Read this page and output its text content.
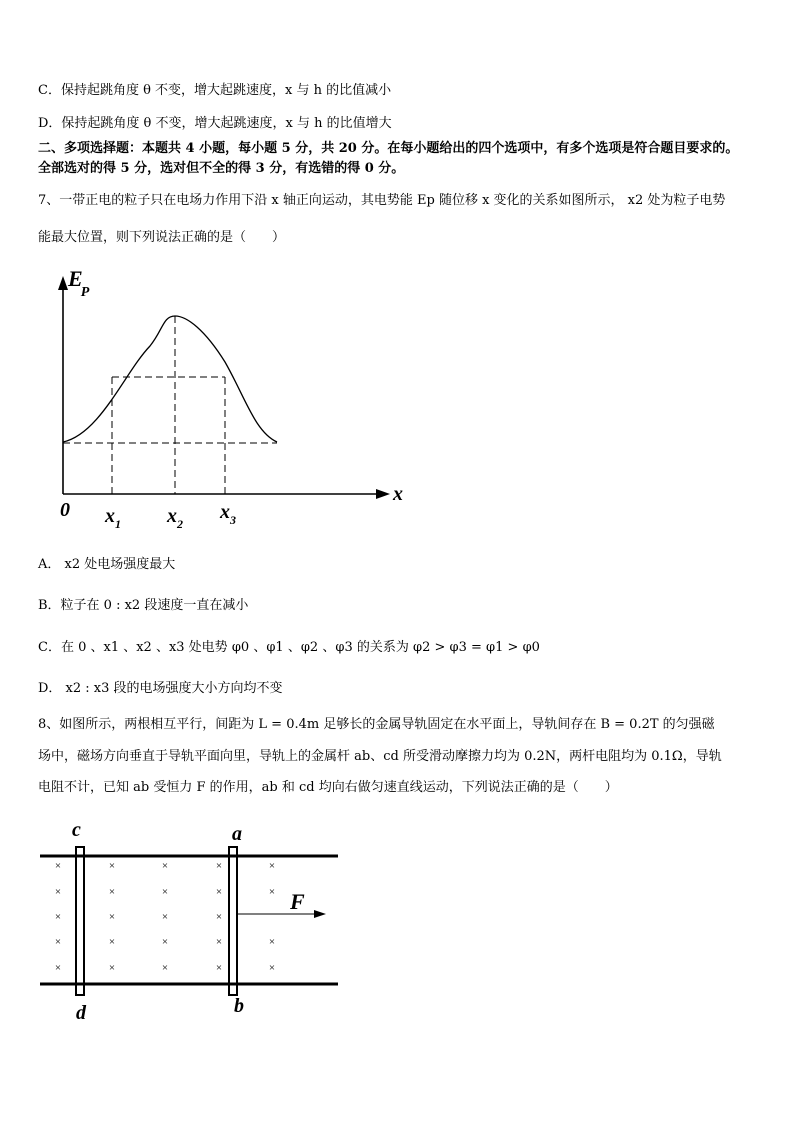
C．保持起跳角度 θ 不变，增大起跳速度，x 与 h 的比值减小
D．保持起跳角度 θ 不变，增大起跳速度，x 与 h 的比值增大
二、多项选择题：本题共 4 小题，每小题 5 分，共 20 分。在每小题给出的四个选项中，有多个选项是符合题目要求的。
全部选对的得 5 分，选对但不全的得 3 分，有选错的得 0 分。
7、一带正电的粒子只在电场力作用下沿 x 轴正向运动，其电势能 Ep 随位移 x 变化的关系如图所示， x2 处为粒子电势
能最大位置，则下列说法正确的是（　　）
E P
x
0 $x_1$ $x_2$
$x_3$
A． x2 处电场强度最大
B．粒子在 0 : x2 段速度一直在减小
C．在 0 、x1 、x2 、x3 处电势 φ0 、φ1 、φ2 、φ3 的关系为 φ2 > φ3 = φ1 > φ0
D． x2 : x3 段的电场强度大小方向均不变
8、如图所示，两根相互平行，间距为 L = 0.4m 足够长的金属导轨固定在水平面上，导轨间存在 B = 0.2T 的匀强磁
场中，磁场方向垂直于导轨平面向里，导轨上的金属杆 ab、cd 所受滑动摩擦力均为 0.2N，两杆电阻均为 0.1Ω，导轨
电阻不计，已知 ab 受恒力 F 的作用，ab 和 cd 均向右做匀速直线运动，下列说法正确的是（　　）
c
d
a
b
F
×
×
×
×
×
×
×
×
×
×
×
×
×
×
×
×
×
×
×
×
×
×
×
×
